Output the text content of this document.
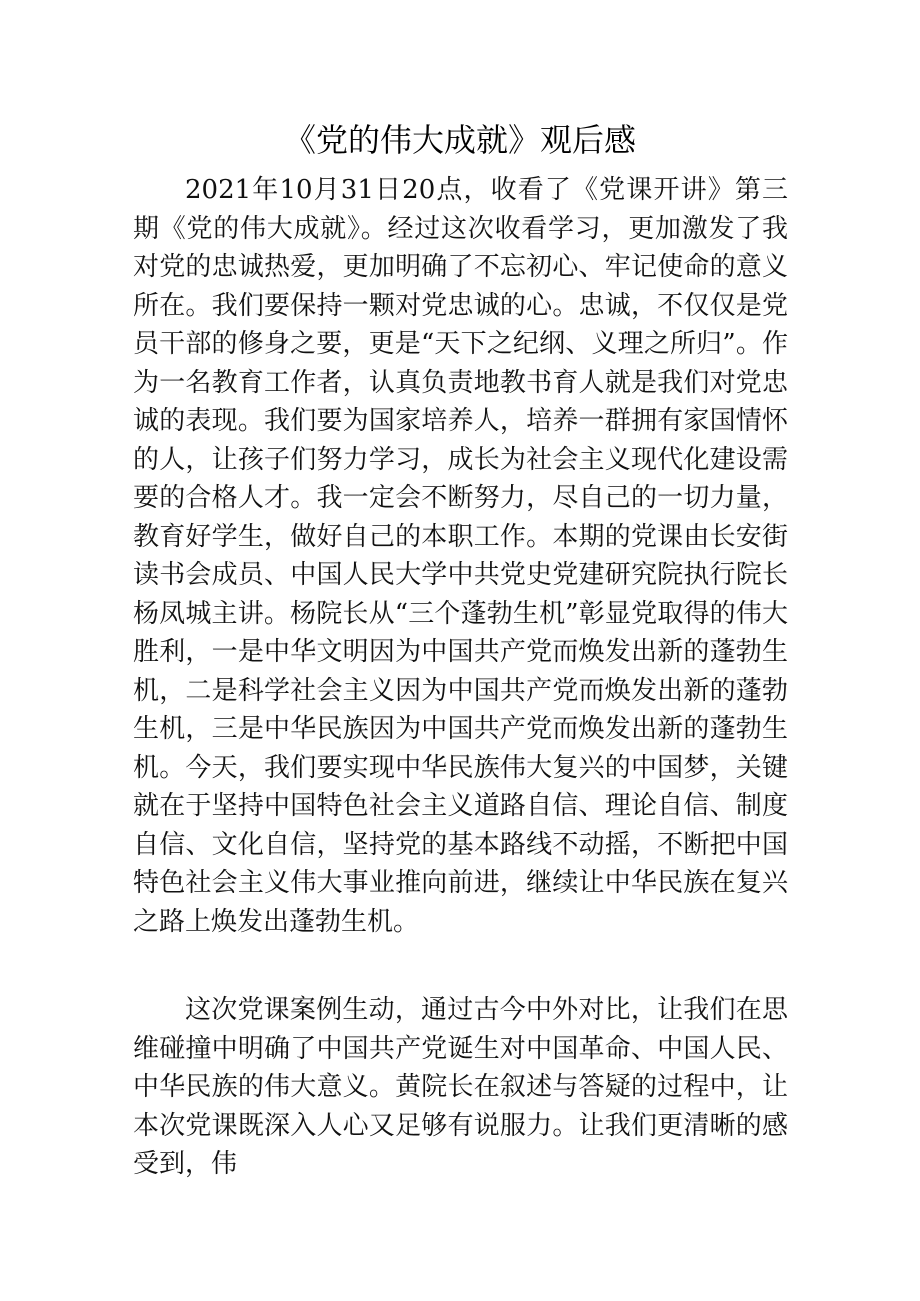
《党的伟大成就》观后感

2021年10月31日20点，收看了《党课开讲》第三期《党的伟大成就》。经过这次收看学习，更加激发了我对党的忠诚热爱，更加明确了不忘初心、牢记使命的意义所在。我们要保持一颗对党忠诚的心。忠诚，不仅仅是党员干部的修身之要，更是“天下之纪纲、义理之所归”。作为一名教育工作者，认真负责地教书育人就是我们对党忠诚的表现。我们要为国家培养人，培养一群拥有家国情怀的人，让孩子们努力学习，成长为社会主义现代化建设需要的合格人才。我一定会不断努力，尽自己的一切力量，教育好学生，做好自己的本职工作。本期的党课由长安街读书会成员、中国人民大学中共党史党建研究院执行院长杨凤城主讲。杨院长从“三个蓬勃生机”彰显党取得的伟大胜利，一是中华文明因为中国共产党而焕发出新的蓬勃生机，二是科学社会主义因为中国共产党而焕发出新的蓬勃生机，三是中华民族因为中国共产党而焕发出新的蓬勃生机。今天，我们要实现中华民族伟大复兴的中国梦，关键就在于坚持中国特色社会主义道路自信、理论自信、制度自信、文化自信，坚持党的基本路线不动摇，不断把中国特色社会主义伟大事业推向前进，继续让中华民族在复兴之路上焕发出蓬勃生机。

这次党课案例生动，通过古今中外对比，让我们在思维碰撞中明确了中国共产党诞生对中国革命、中国人民、中华民族的伟大意义。黄院长在叙述与答疑的过程中，让本次党课既深入人心又足够有说服力。让我们更清晰的感受到，伟
